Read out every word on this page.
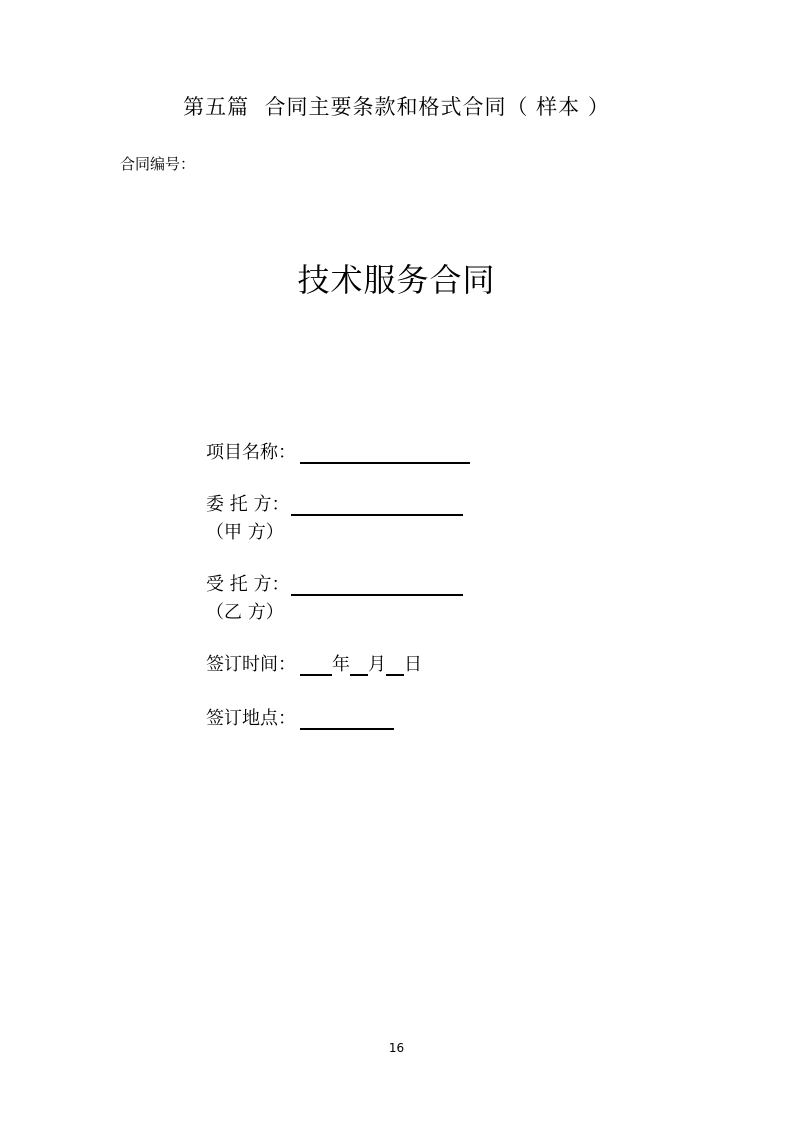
第五篇  合同主要条款和格式合同（ 样本 ）
合同编号：
技术服务合同
项目名称：
委 托 方：
（甲 方）
受 托 方：
（乙 方）
签订时间： 年 月 日
签订地点：
16
